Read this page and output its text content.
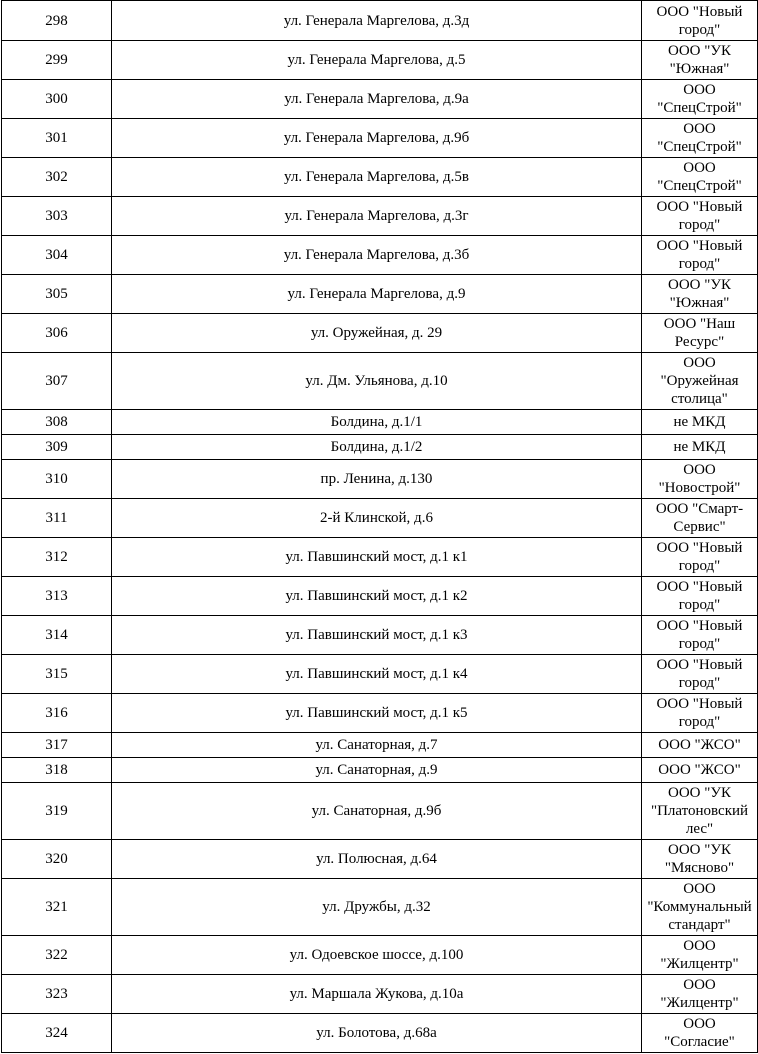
298	ул. Генерала Маргелова, д.3д	ООО "Новый
город"
299	ул. Генерала Маргелова, д.5	ООО "УК
"Южная"
300	ул. Генерала Маргелова, д.9а	ООО
"СпецСтрой"
301	ул. Генерала Маргелова, д.9б	ООО
"СпецСтрой"
302	ул. Генерала Маргелова, д.5в	ООО
"СпецСтрой"
303	ул. Генерала Маргелова, д.3г	ООО "Новый
город"
304	ул. Генерала Маргелова, д.3б	ООО "Новый
город"
305	ул. Генерала Маргелова, д.9	ООО "УК
"Южная"
306	ул. Оружейная, д. 29	ООО "Наш
Ресурс"
307	ул. Дм. Ульянова, д.10	ООО
"Оружейная
столица"
308	Болдина, д.1/1	не МКД
309	Болдина, д.1/2	не МКД
310	пр. Ленина, д.130	ООО
"Новострой"
311	2-й Клинской, д.6	ООО "Смарт-
Сервис"
312	ул. Павшинский мост, д.1 к1	ООО "Новый
город"
313	ул. Павшинский мост, д.1 к2	ООО "Новый
город"
314	ул. Павшинский мост, д.1 к3	ООО "Новый
город"
315	ул. Павшинский мост, д.1 к4	ООО "Новый
город"
316	ул. Павшинский мост, д.1 к5	ООО "Новый
город"
317	ул. Санаторная, д.7	ООО "ЖСО"
318	ул. Санаторная, д.9	ООО "ЖСО"
319	ул. Санаторная, д.9б	ООО "УК
"Платоновский
лес"
320	ул. Полюсная, д.64	ООО "УК
"Мясново"
321	ул. Дружбы, д.32	ООО
"Коммунальный
стандарт"
322	ул. Одоевское шоссе, д.100	ООО
"Жилцентр"
323	ул. Маршала Жукова, д.10а	ООО
"Жилцентр"
324	ул. Болотова, д.68а	ООО
"Согласие"
